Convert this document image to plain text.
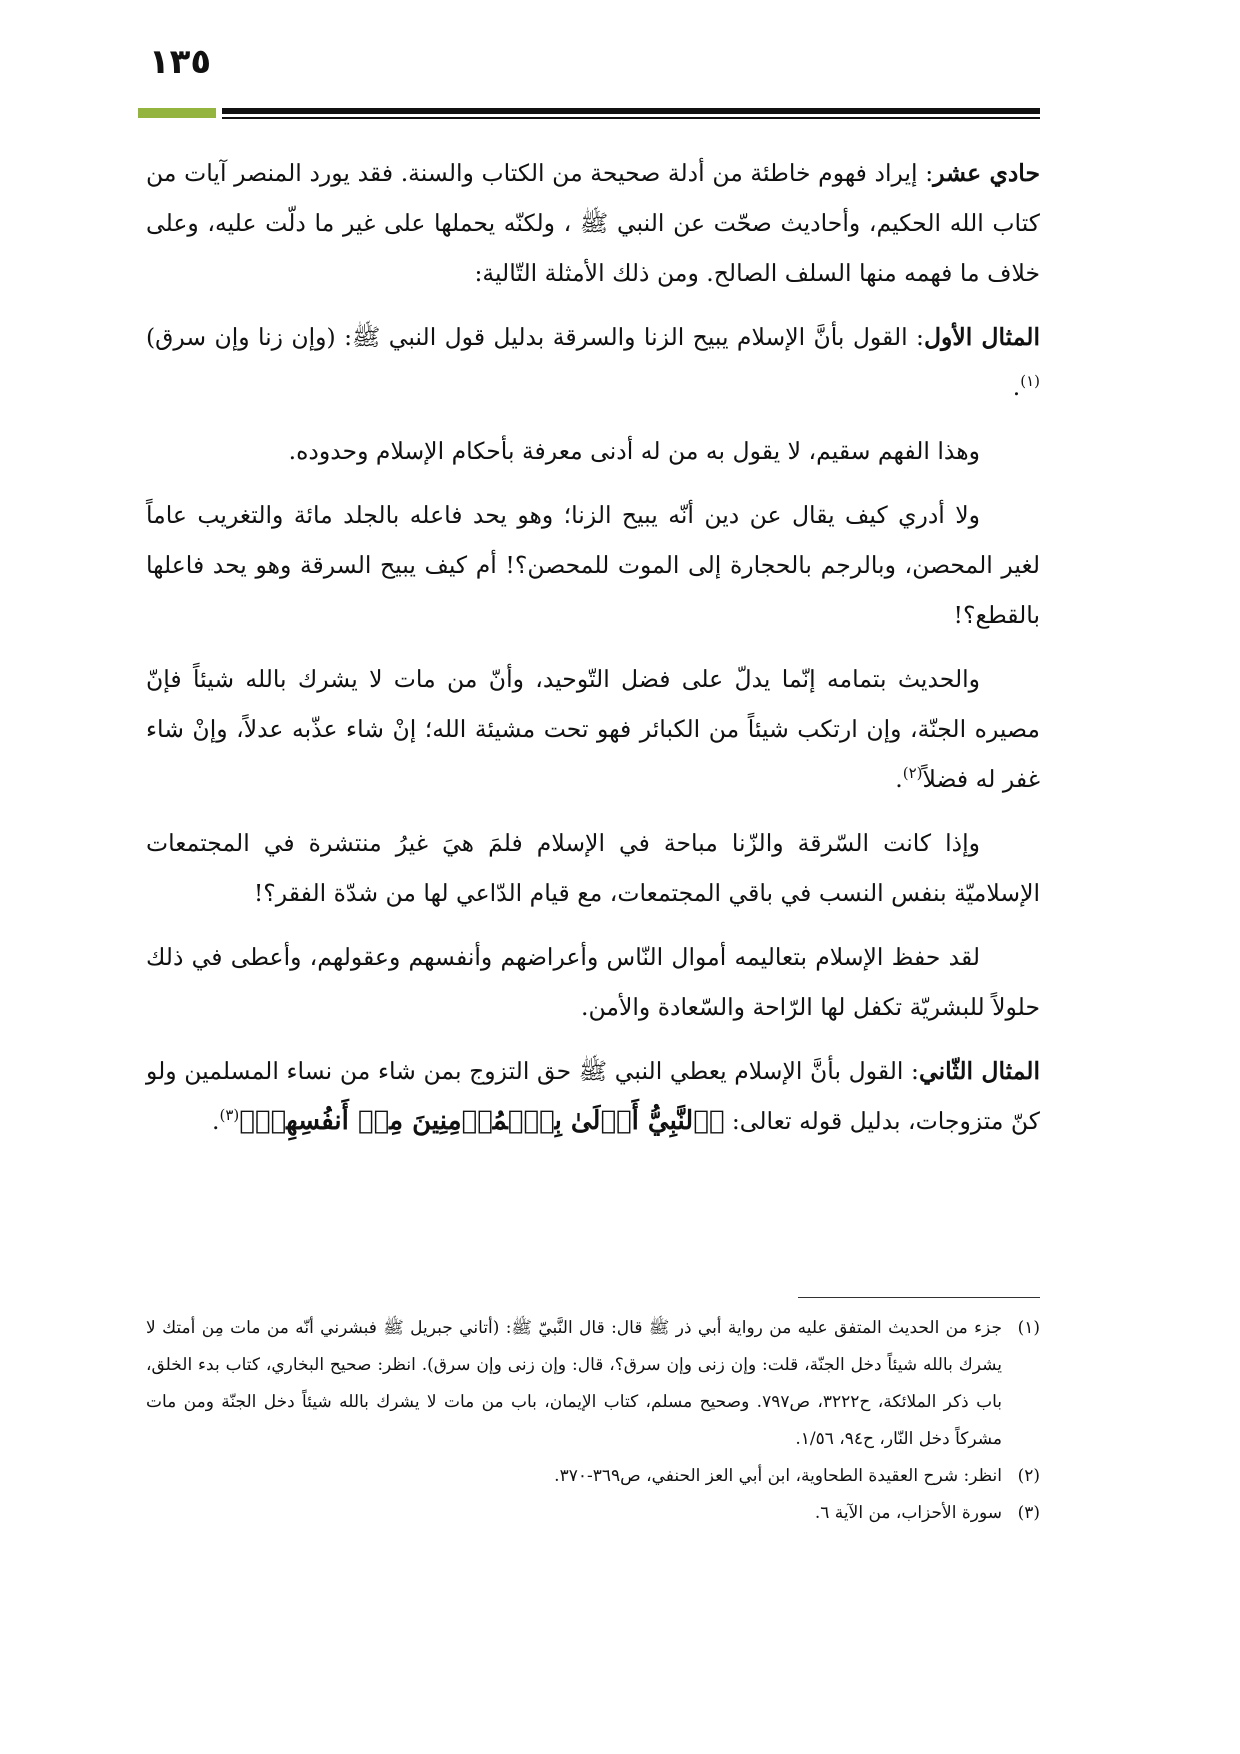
١٣٥

حادي عشر: إيراد فهوم خاطئة من أدلة صحيحة من الكتاب والسنة. فقد يورد المنصر آيات من كتاب الله الحكيم، وأحاديث صحّت عن النبي ﷺ ، ولكنّه يحملها على غير ما دلّت عليه، وعلى خلاف ما فهمه منها السلف الصالح. ومن ذلك الأمثلة التّالية:

المثال الأول: القول بأنَّ الإسلام يبيح الزنا والسرقة بدليل قول النبي ﷺ: (وإن زنا وإن سرق)$^{(١)}$.

وهذا الفهم سقيم، لا يقول به من له أدنى معرفة بأحكام الإسلام وحدوده.

ولا أدري كيف يقال عن دين أنّه يبيح الزنا؛ وهو يحد فاعله بالجلد مائة والتغريب عاماً لغير المحصن، وبالرجم بالحجارة إلى الموت للمحصن؟! أم كيف يبيح السرقة وهو يحد فاعلها بالقطع؟!

والحديث بتمامه إنّما يدلّ على فضل التّوحيد، وأنّ من مات لا يشرك بالله شيئاً فإنّ مصيره الجنّة، وإن ارتكب شيئاً من الكبائر فهو تحت مشيئة الله؛ إنْ شاء عذّبه عدلاً، وإنْ شاء غفر له فضلاً$^{(٢)}$.

وإذا كانت السّرقة والزّنا مباحة في الإسلام فلمَ هيَ غيرُ منتشرة في المجتمعات الإسلاميّة بنفس النسب في باقي المجتمعات، مع قيام الدّاعي لها من شدّة الفقر؟!

لقد حفظ الإسلام بتعاليمه أموال النّاس وأعراضهم وأنفسهم وعقولهم، وأعطى في ذلك حلولاً للبشريّة تكفل لها الرّاحة والسّعادة والأمن.

المثال الثّاني: القول بأنَّ الإسلام يعطي النبي ﷺ حق التزوج بمن شاء من نساء المسلمين ولو كنّ متزوجات، بدليل قوله تعالى: ﴿ٱلنَّبِيُّ أَوۡلَىٰ بِٱلۡمُؤۡمِنِينَ مِنۡ أَنفُسِهِمۡ﴾$^{(٣)}$.

(١)
جزء من الحديث المتفق عليه من رواية أبي ذر ﷺ قال: قال النَّبيّ ﷺ: (أتاني جبريل ﷺ فبشرني أنّه من مات مِن أمتك لا يشرك بالله شيئاً دخل الجنّة، قلت: وإن زنى وإن سرق؟، قال: وإن زنى وإن سرق). انظر: صحيح البخاري، كتاب بدء الخلق، باب ذكر الملائكة، ح٣٢٢٢، ص٧٩٧. وصحيح مسلم، كتاب الإيمان، باب من مات لا يشرك بالله شيئاً دخل الجنّة ومن مات مشركاً دخل النّار، ح٩٤، ١/٥٦.

(٢)
انظر: شرح العقيدة الطحاوية، ابن أبي العز الحنفي، ص٣٦٩-٣٧٠.

(٣)
سورة الأحزاب، من الآية ٦.
